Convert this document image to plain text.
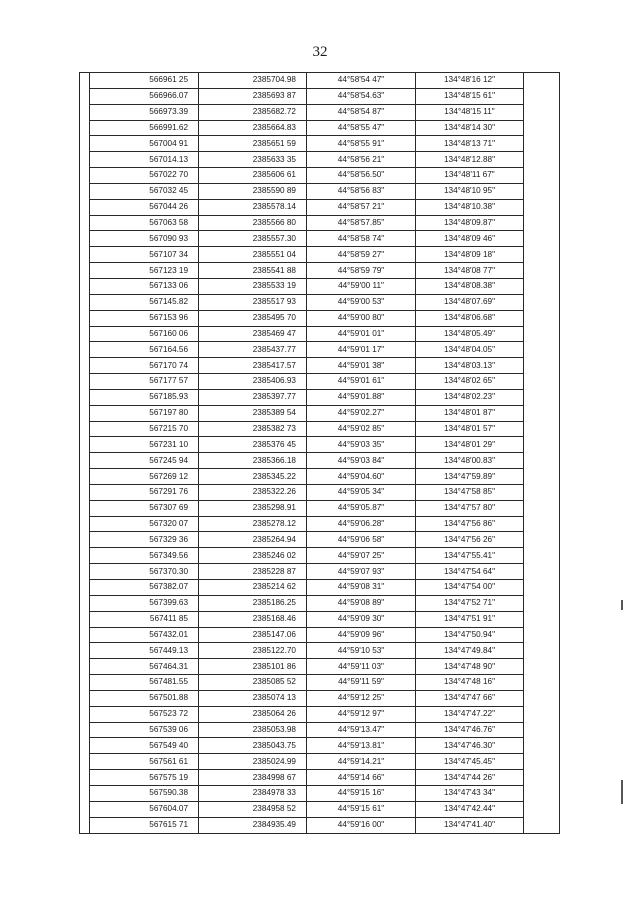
32
	566961 25	2385704.98	44°58'54 47"	134°48'16 12"	
	566966.07	2385693 87	44°58'54.63"	134°48'15 61"	
	566973.39	2385682.72	44°58'54 87"	134°48'15 11"	
	566991.62	2385664.83	44°58'55 47"	134°48'14 30"	
	567004 91	2385651 59	44°58'55 91"	134°48'13 71"	
	567014.13	2385633 35	44°58'56 21"	134°48'12.88"	
	567022 70	2385606 61	44°58'56.50"	134°48'11 67"	
	567032 45	2385590 89	44°58'56 83"	134°48'10 95"	
	567044 26	2385578.14	44°58'57 21"	134°48'10.38"	
	567063 58	2385566 80	44°58'57.85"	134°48'09.87"	
	567090 93	2385557.30	44°58'58 74"	134°48'09 46"	
	567107 34	2385551 04	44°58'59 27"	134°48'09 18"	
	567123 19	2385541 88	44°58'59 79"	134°48'08 77"	
	567133 06	2385533 19	44°59'00 11"	134°48'08.38"	
	567145.82	2385517 93	44°59'00 53"	134°48'07.69"	
	567153 96	2385495 70	44°59'00 80"	134°48'06.68"	
	567160 06	2385469 47	44°59'01 01"	134°48'05.49"	
	567164.56	2385437.77	44°59'01 17"	134°48'04.05"	
	567170 74	2385417.57	44°59'01 38"	134°48'03.13"	
	567177 57	2385406.93	44°59'01 61"	134°48'02 65"	
	567185.93	2385397.77	44°59'01.88"	134°48'02.23"	
	567197 80	2385389 54	44°59'02.27"	134°48'01 87"	
	567215 70	2385382 73	44°59'02 85"	134°48'01 57"	
	567231 10	2385376 45	44°59'03 35"	134°48'01 29"	
	567245 94	2385366.18	44°59'03 84"	134°48'00.83"	
	567269 12	2385345.22	44°59'04.60"	134°47'59.89"	
	567291 76	2385322.26	44°59'05 34"	134°47'58 85"	
	567307 69	2385298.91	44°59'05.87"	134°47'57 80"	
	567320 07	2385278.12	44°59'06.28"	134°47'56 86"	
	567329 36	2385264.94	44°59'06 58"	134°47'56 26"	
	567349.56	2385246 02	44°59'07 25"	134°47'55.41"	
	567370.30	2385228 87	44°59'07 93"	134°47'54 64"	
	567382.07	2385214 62	44°59'08 31"	134°47'54 00"	
	567399.63	2385186.25	44°59'08 89"	134°47'52 71"	
	567411 85	2385168.46	44°59'09 30"	134°47'51 91"	
	567432.01	2385147.06	44°59'09 96"	134°47'50.94"	
	567449.13	2385122.70	44°59'10 53"	134°47'49.84"	
	567464.31	2385101 86	44°59'11 03"	134°47'48 90"	
	567481.55	2385085 52	44°59'11 59"	134°47'48 16"	
	567501.88	2385074 13	44°59'12 25"	134°47'47 66"	
	567523 72	2385064 26	44°59'12 97"	134°47'47.22"	
	567539 06	2385053.98	44°59'13.47"	134°47'46.76"	
	567549 40	2385043.75	44°59'13.81"	134°47'46.30"	
	567561 61	2385024.99	44°59'14.21"	134°47'45.45"	
	567575 19	2384998 67	44°59'14 66"	134°47'44 26"	
	567590.38	2384978 33	44°59'15 16"	134°47'43 34"	
	567604.07	2384958 52	44°59'15 61"	134°47'42.44"	
	567615 71	2384935.49	44°59'16 00"	134°47'41.40"	
